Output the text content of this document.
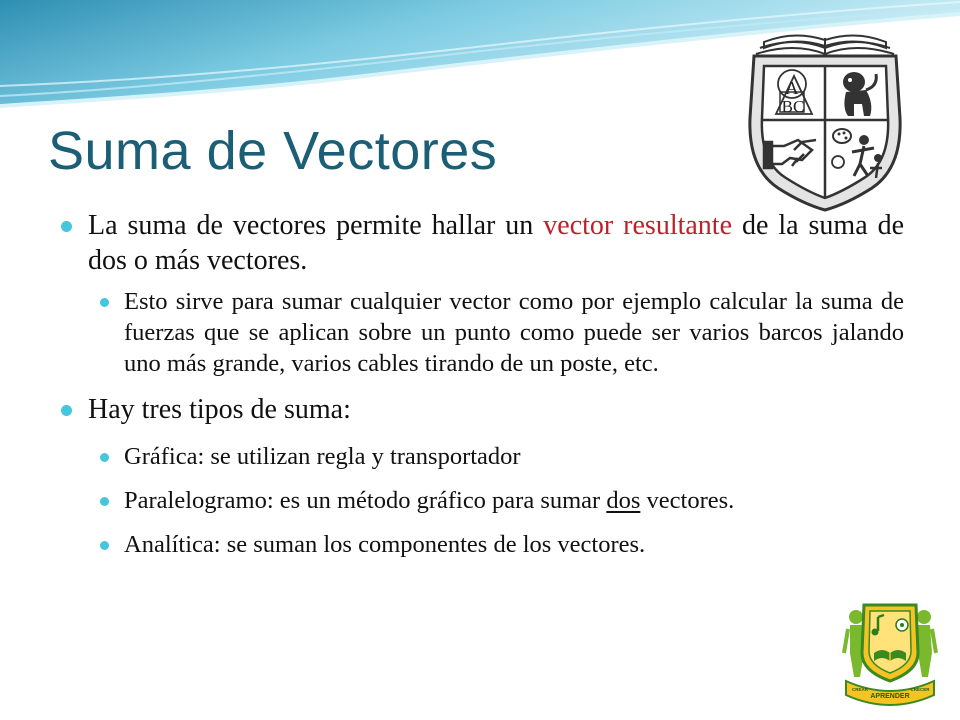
Suma de Vectores
La suma de vectores permite hallar un vector resultante de la suma de dos o más vectores.
Esto sirve para sumar cualquier vector como por ejemplo calcular la suma de fuerzas que se aplican sobre un punto como puede ser varios barcos jalando uno más grande, varios cables tirando de un poste, etc.
Hay tres tipos de suma:
Gráfica: se utilizan regla y transportador
Paralelogramo: es un método gráfico para sumar dos vectores.
Analítica: se suman los componentes de los vectores.
A
BC
APRENDER
CREAR	CRECER
